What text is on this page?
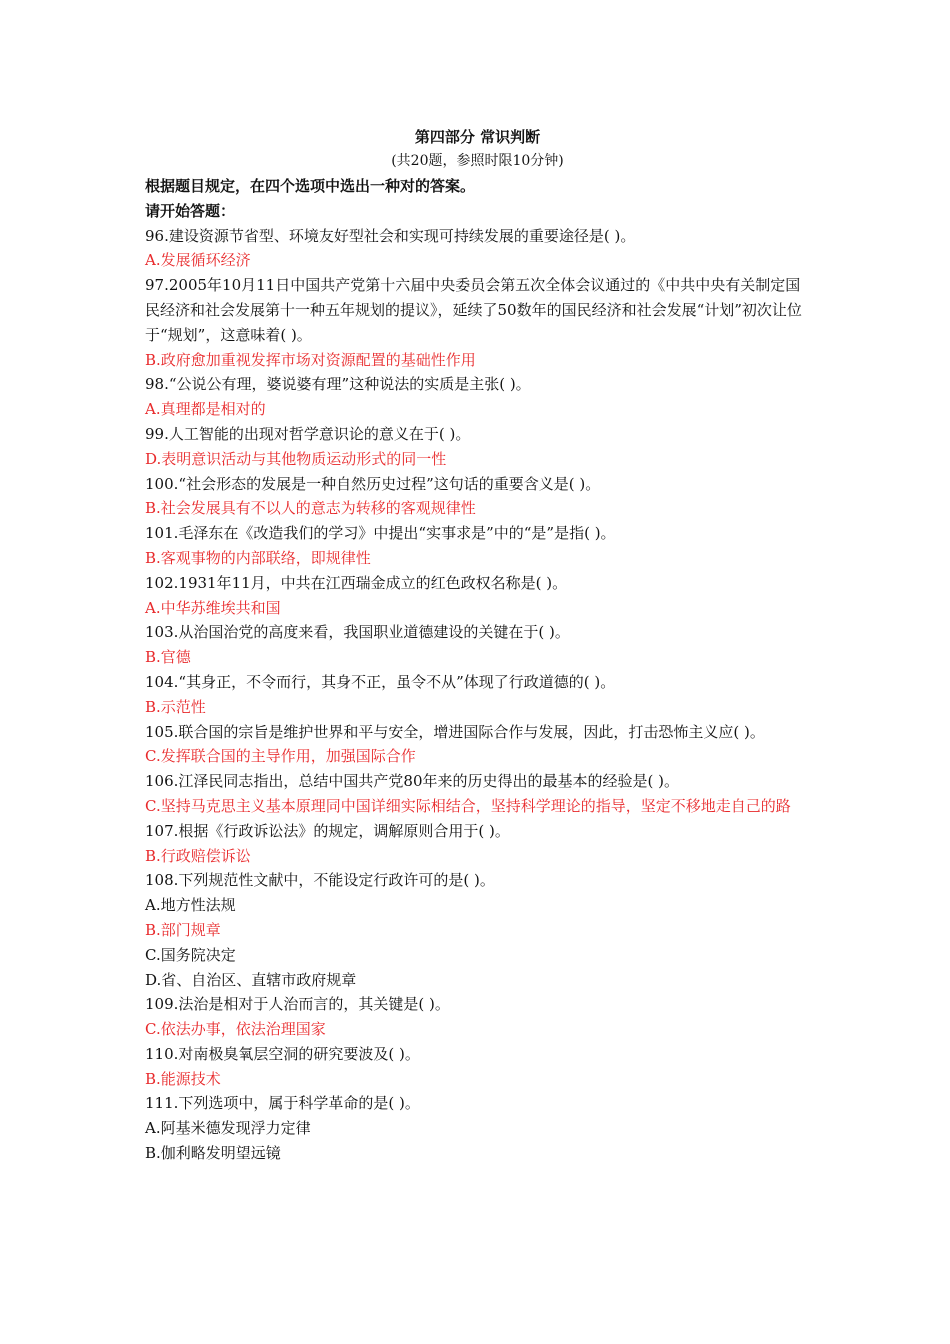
第四部分 常识判断
(共20题，参照时限10分钟)
根据题目规定，在四个选项中选出一种对的答案。
请开始答题：
96.建设资源节省型、环境友好型社会和实现可持续发展的重要途径是( )。
A.发展循环经济
97.2005年10月11日中国共产党第十六届中央委员会第五次全体会议通过的《中共中央有关制定国民经济和社会发展第十一种五年规划的提议》，延续了50数年的国民经济和社会发展“计划”初次让位于“规划”，这意味着( )。
B.政府愈加重视发挥市场对资源配置的基础性作用
98.“公说公有理，婆说婆有理”这种说法的实质是主张( )。
A.真理都是相对的
99.人工智能的出现对哲学意识论的意义在于( )。
D.表明意识活动与其他物质运动形式的同一性
100.“社会形态的发展是一种自然历史过程”这句话的重要含义是( )。
B.社会发展具有不以人的意志为转移的客观规律性
101.毛泽东在《改造我们的学习》中提出“实事求是”中的“是”是指( )。
B.客观事物的内部联络，即规律性
102.1931年11月，中共在江西瑞金成立的红色政权名称是( )。
A.中华苏维埃共和国
103.从治国治党的高度来看，我国职业道德建设的关键在于( )。
B.官德
104.“其身正，不令而行，其身不正，虽令不从”体现了行政道德的( )。
B.示范性
105.联合国的宗旨是维护世界和平与安全，增进国际合作与发展，因此，打击恐怖主义应( )。
C.发挥联合国的主导作用，加强国际合作
106.江泽民同志指出，总结中国共产党80年来的历史得出的最基本的经验是( )。
C.坚持马克思主义基本原理同中国详细实际相结合，坚持科学理论的指导，坚定不移地走自己的路
107.根据《行政诉讼法》的规定，调解原则合用于( )。
B.行政赔偿诉讼
108.下列规范性文献中，不能设定行政许可的是( )。
A.地方性法规
B.部门规章
C.国务院决定
D.省、自治区、直辖市政府规章
109.法治是相对于人治而言的，其关键是( )。
C.依法办事，依法治理国家
110.对南极臭氧层空洞的研究要波及( )。
B.能源技术
111.下列选项中，属于科学革命的是( )。
A.阿基米德发现浮力定律
B.伽利略发明望远镜
